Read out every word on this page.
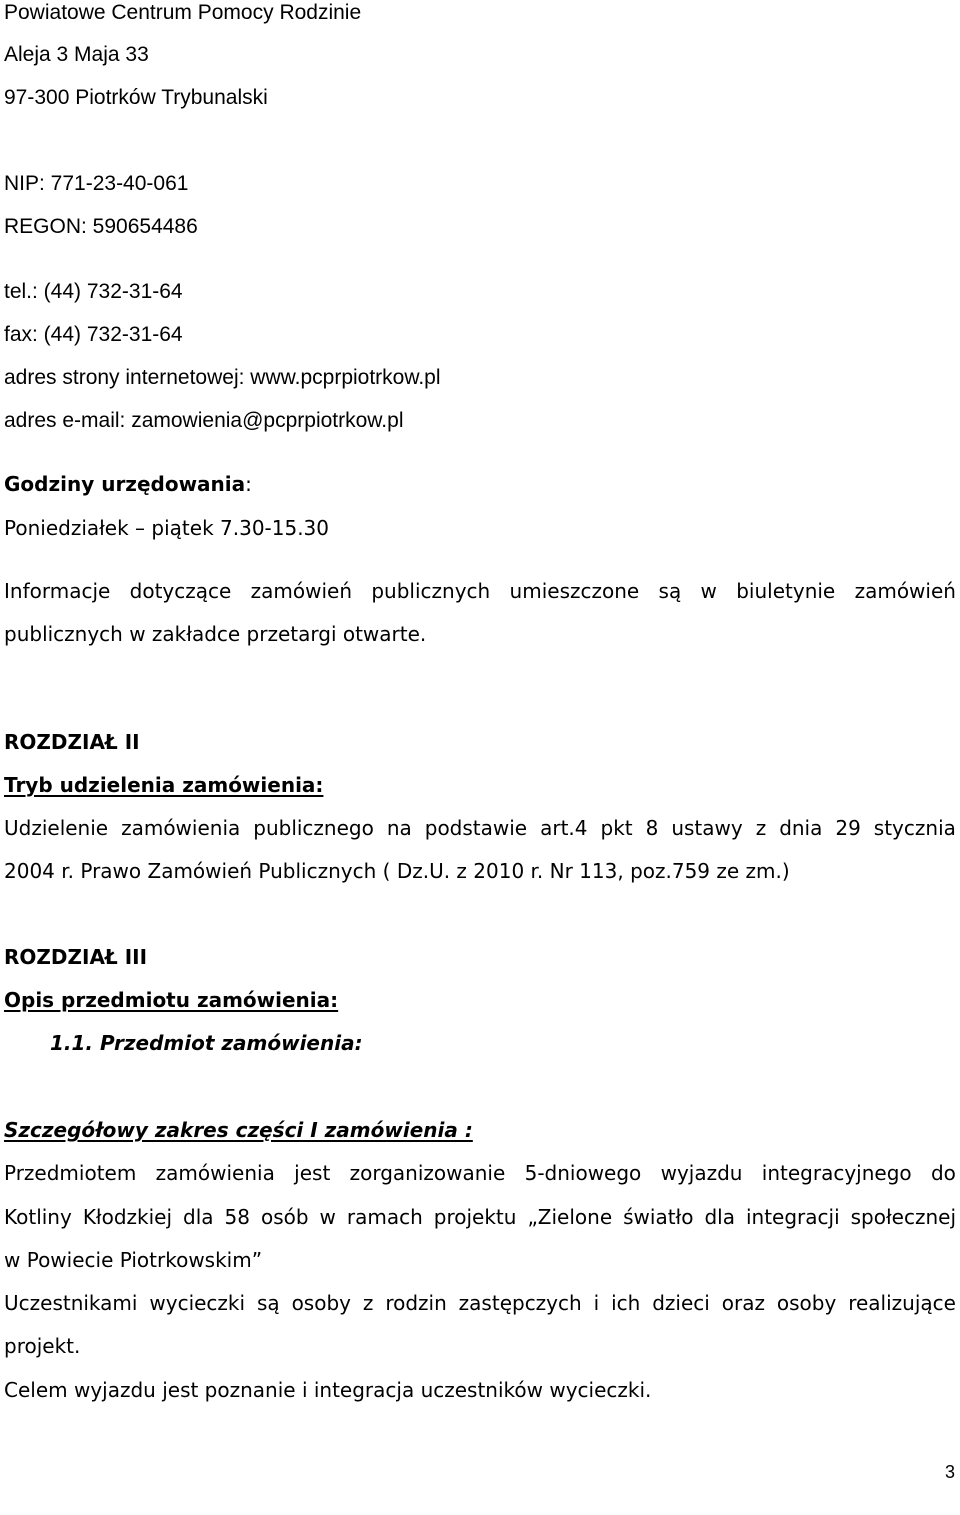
Powiatowe Centrum Pomocy Rodzinie
Aleja 3 Maja 33
97-300 Piotrków Trybunalski
NIP: 771-23-40-061
REGON: 590654486
tel.: (44) 732-31-64
fax: (44) 732-31-64
adres strony internetowej: www.pcprpiotrkow.pl
adres e-mail: zamowienia@pcprpiotrkow.pl
Godziny urzędowania:
Poniedziałek – piątek 7.30-15.30
Informacje dotyczące zamówień publicznych umieszczone są w biuletynie zamówień
publicznych w zakładce przetargi otwarte.
ROZDZIAŁ II
Tryb udzielenia zamówienia:
Udzielenie zamówienia publicznego na podstawie art.4 pkt 8 ustawy z dnia 29 stycznia
2004 r. Prawo Zamówień Publicznych ( Dz.U. z 2010 r. Nr 113, poz.759 ze zm.)
ROZDZIAŁ III
Opis przedmiotu zamówienia:
1.1. Przedmiot zamówienia:
Szczegółowy zakres części I zamówienia :
Przedmiotem zamówienia jest zorganizowanie 5-dniowego wyjazdu integracyjnego do
Kotliny Kłodzkiej dla 58 osób w ramach projektu „Zielone światło dla integracji społecznej
w Powiecie Piotrkowskim”
Uczestnikami wycieczki są osoby z rodzin zastępczych i ich dzieci oraz osoby realizujące
projekt.
Celem wyjazdu jest poznanie i integracja uczestników wycieczki.
3
